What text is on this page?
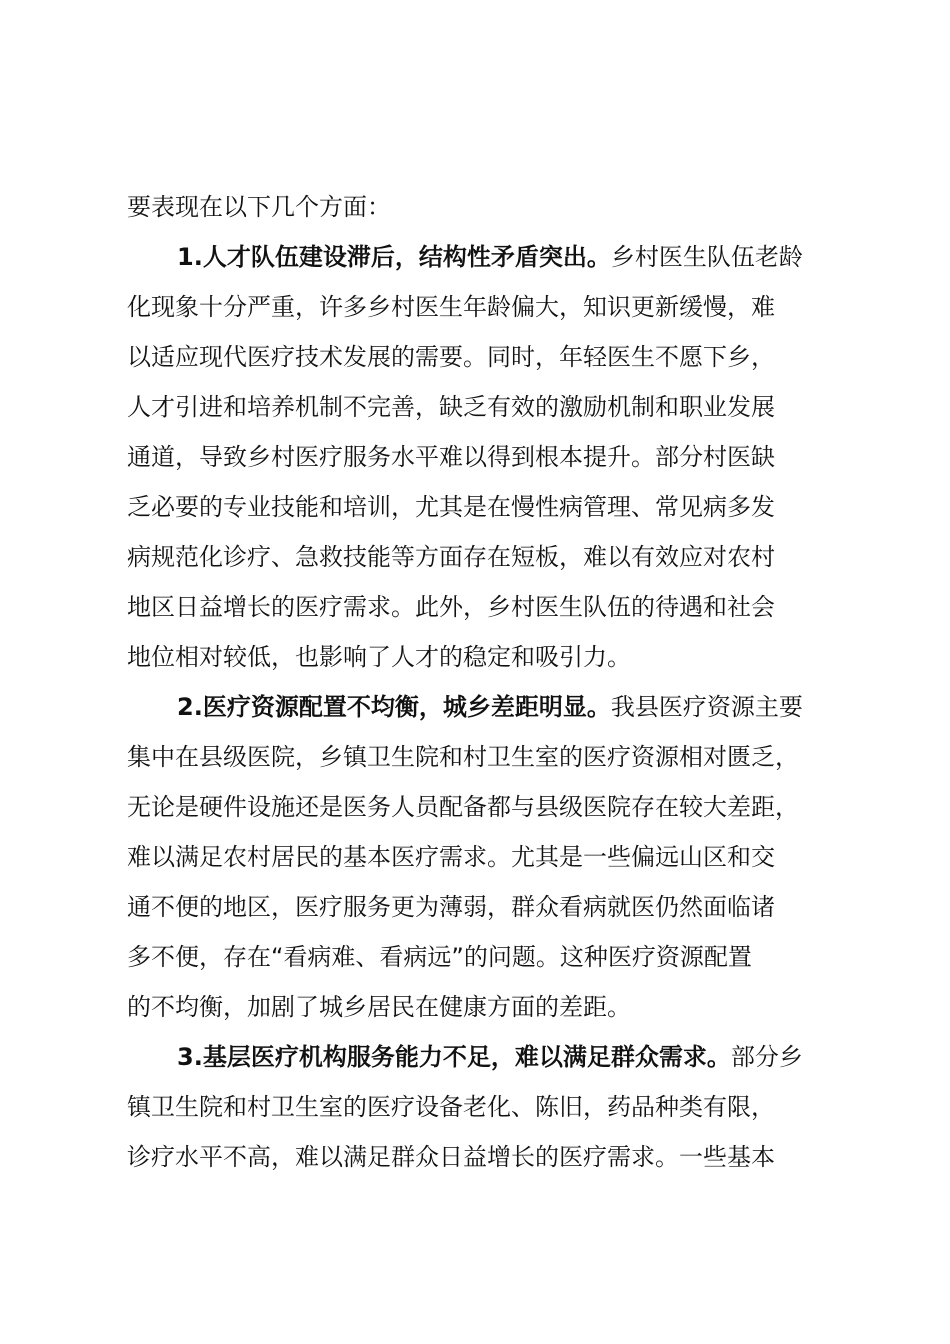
要表现在以下几个方面：
1.人才队伍建设滞后，结构性矛盾突出。乡村医生队伍老龄
化现象十分严重，许多乡村医生年龄偏大，知识更新缓慢，难
以适应现代医疗技术发展的需要。同时，年轻医生不愿下乡，
人才引进和培养机制不完善，缺乏有效的激励机制和职业发展
通道，导致乡村医疗服务水平难以得到根本提升。部分村医缺
乏必要的专业技能和培训，尤其是在慢性病管理、常见病多发
病规范化诊疗、急救技能等方面存在短板，难以有效应对农村
地区日益增长的医疗需求。此外，乡村医生队伍的待遇和社会
地位相对较低，也影响了人才的稳定和吸引力。
2.医疗资源配置不均衡，城乡差距明显。我县医疗资源主要
集中在县级医院，乡镇卫生院和村卫生室的医疗资源相对匮乏，
无论是硬件设施还是医务人员配备都与县级医院存在较大差距，
难以满足农村居民的基本医疗需求。尤其是一些偏远山区和交
通不便的地区，医疗服务更为薄弱，群众看病就医仍然面临诸
多不便，存在“看病难、看病远”的问题。这种医疗资源配置
的不均衡，加剧了城乡居民在健康方面的差距。
3.基层医疗机构服务能力不足，难以满足群众需求。部分乡
镇卫生院和村卫生室的医疗设备老化、陈旧，药品种类有限，
诊疗水平不高，难以满足群众日益增长的医疗需求。一些基本
